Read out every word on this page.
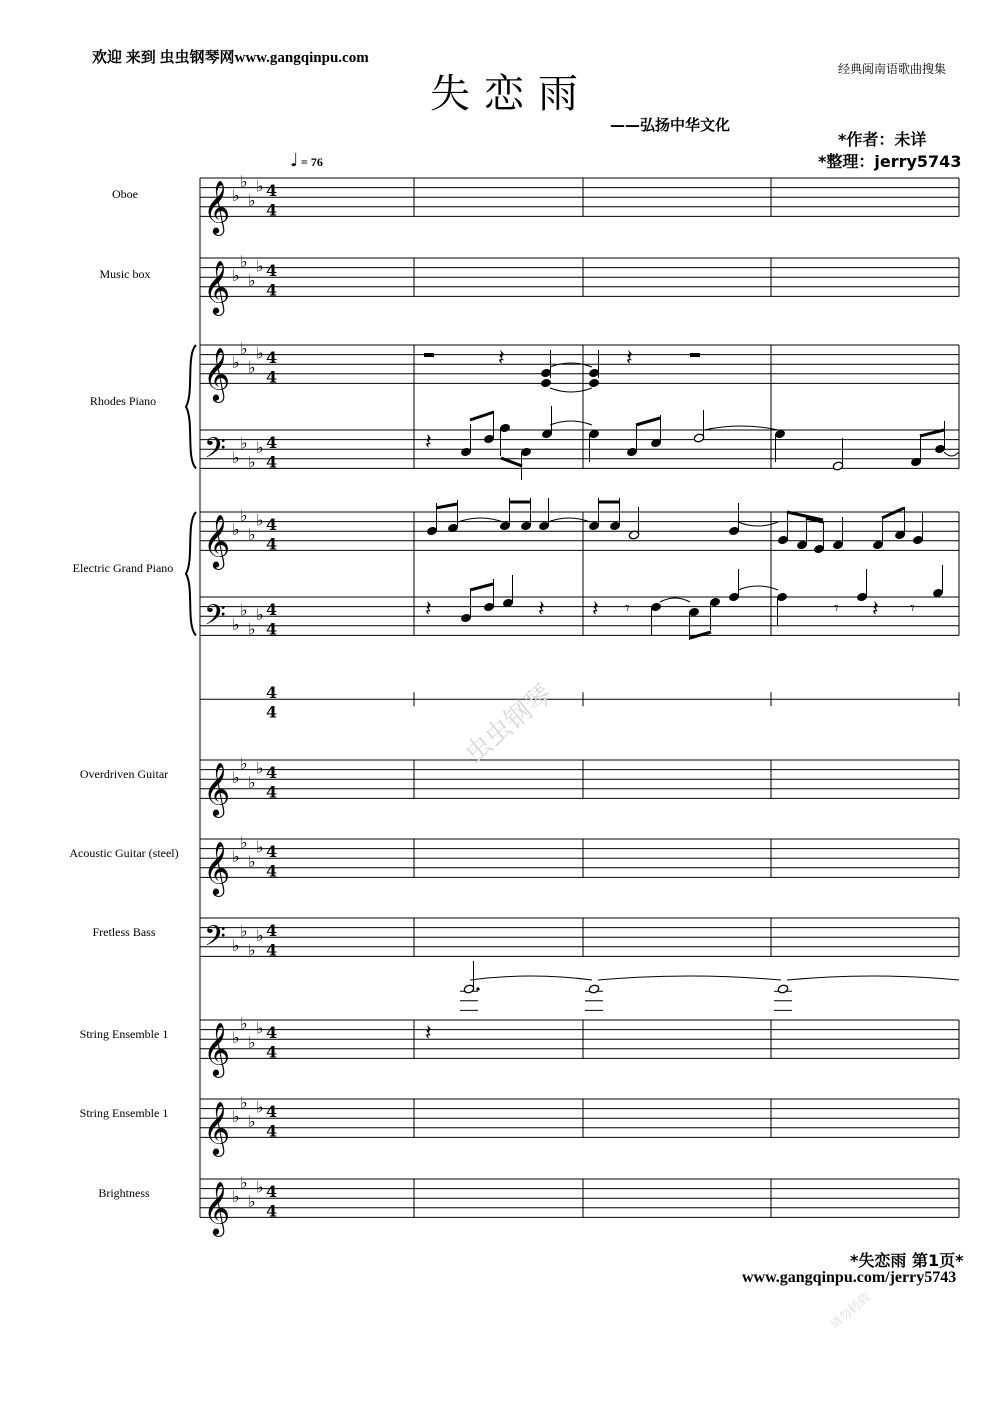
欢迎 来到 虫虫钢琴网www.gangqinpu.com
经典闽南语歌曲搜集
失恋雨
——弘扬中华文化
*作者：未详
*整理：jerry5743
Oboe
Music box
Rhodes Piano
Electric Grand Piano
Overdriven Guitar
Acoustic Guitar (steel)
Fretless Bass
String Ensemble 1
String Ensemble 1
Brightness
𝄞
𝄞
𝄞
𝄢
𝄞
𝄢
𝄞
𝄞
𝄢
𝄞
𝄞
𝄞
♭
♭
♭
♭
♭
♭
♭
♭
♭
♭
♭
♭
♭
♭
♭
♭
♭
♭
♭
♭
♭
♭
♭
♭
♭
♭
♭
♭
♭
♭
♭
♭
♭
♭
♭
♭
♭
♭
♭
♭
♭
♭
♭
♭
♭
♭
♭
♭
4
4
4
4
4
4
4
4
4
4
4
4
4
4
4
4
4
4
4
4
4
4
4
4
4
4
𝄽	𝄽
𝄽
𝄽	𝄽 𝄽 𝄾	𝄾 𝄽 𝄾
𝄽
♩ = 76
虫虫钢琴
请勿转载
*失恋雨 第1页*
www.gangqinpu.com/jerry5743
